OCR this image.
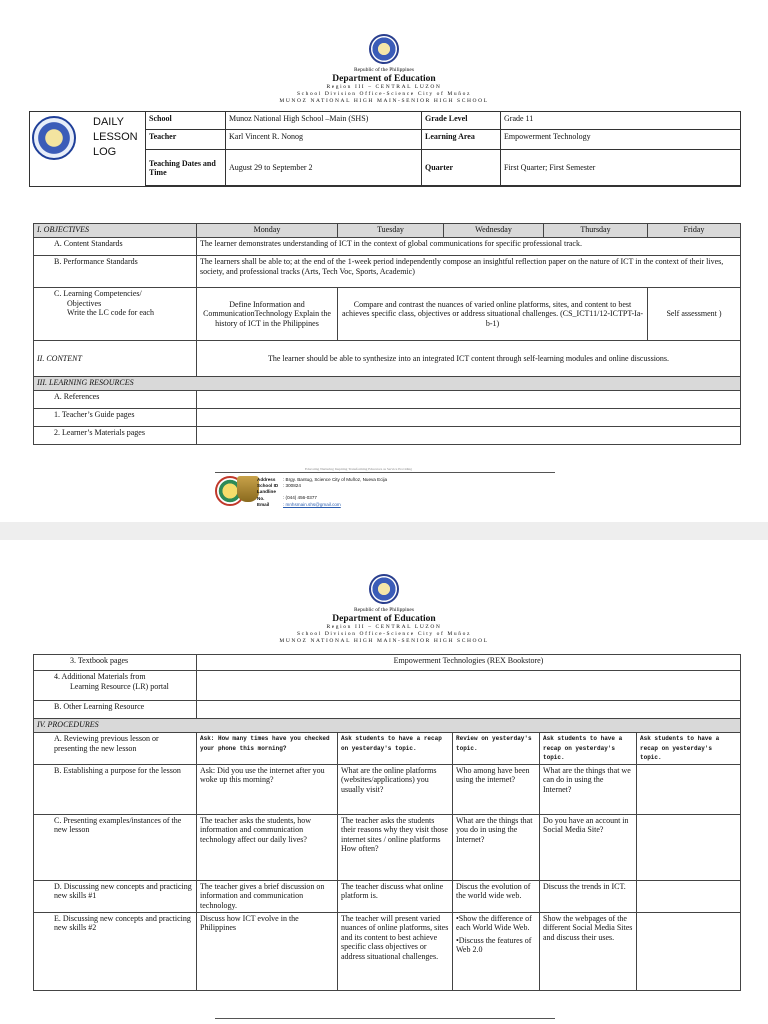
Republic of the Philippines
Department of Education
Region III – CENTRAL LUZON
School Division Office-Science City of Muñoz
MUNOZ NATIONAL HIGH MAIN-SENIOR HIGH SCHOOL
DAILY
LESSON
LOG
School	Munoz National High School –Main (SHS)	Grade Level	Grade 11
Teacher	Karl Vincent R. Nonog	Learning Area	Empowerment Technology
Teaching Dates and Time	August 29 to September 2	Quarter	First Quarter; First Semester
I. OBJECTIVES	Monday	Tuesday	Wednesday	Thursday	Friday
A. Content Standards	The learner demonstrates understanding of ICT in the context of global communications for specific professional track.				
B. Performance Standards	The learners shall be able to; at the end of the 1-week period independently compose an insightful reflection paper on the nature of ICT in the context of their lives, society, and professional tracks (Arts, Tech Voc, Sports, Academic)				

C. Learning Competencies/
Objectives
Write the LC code for each	Define Information and CommunicationTechnology Explain the history of ICT in the Philippines	Compare and contrast the nuances of varied online platforms, sites, and content to best achieves specific class, objectives or address situational challenges. (CS_ICT11/12-ICTPT-Ia-b-1)			Self assessment )
II. CONTENT	The learner should be able to synthesize into an integrated ICT content through self-learning modules and online discussions.				
III. LEARNING RESOURCES					
A. References					
1. Teacher’s Guide pages					
2. Learner’s Materials pages					
Educating Nurturing Inspiring Transforming Educators as Service Providing
Address : Brgy. Bantug, Science City of Muñoz, Nueva Ecija
School ID : 300824
Landline No.	: (044) 456-0377
Email	: mnhsmain.shs@gmail.com
Republic of the Philippines
Department of Education
Region III – CENTRAL LUZON
School Division Office-Science City of Muñoz
MUNOZ NATIONAL HIGH MAIN-SENIOR HIGH SCHOOL
3. Textbook pages	Empowerment Technologies (REX Bookstore)				

4. Additional Materials from
Learning Resource (LR) portal					

B. Other Learning Resource					
IV. PROCEDURES					
A. Reviewing previous lesson or presenting the new lesson	Ask: How many times have you checked your phone this morning?	Ask students to have a recap on yesterday's topic.	Review on yesterday's topic.	Ask students to have a recap on yesterday's topic.	Ask students to have a recap on yesterday's topic.
B. Establishing a purpose for the lesson	Ask: Did you use the internet after you woke up this morning?	What are the online platforms (websites/applications) you usually visit?	Who among have been using the internet?	What are the things that we can do in using the Internet?	
C. Presenting examples/instances of the new lesson	The teacher asks the students, how information and communication technology affect our daily lives?	The teacher asks the students their reasons why they visit those internet sites / online platforms How often?	What are the things that you do in using the Internet?	Do you have an account in Social Media Site?	
D. Discussing new concepts and practicing new skills #1	The teacher gives a brief discussion on information and communication technology.	The teacher discuss what online platform is.	Discus the evolution of the world wide web.	Discuss the trends in ICT.	
E. Discussing new concepts and practicing new skills #2	Discuss how ICT evolve in the Philippines	The teacher will present varied nuances of online platforms, sites and its content to best achieve specific class objectives or address situational challenges.	•Show the difference of each World Wide Web.
•Discuss the features of Web 2.0	Show the webpages of the different Social Media Sites and discuss their uses.	
